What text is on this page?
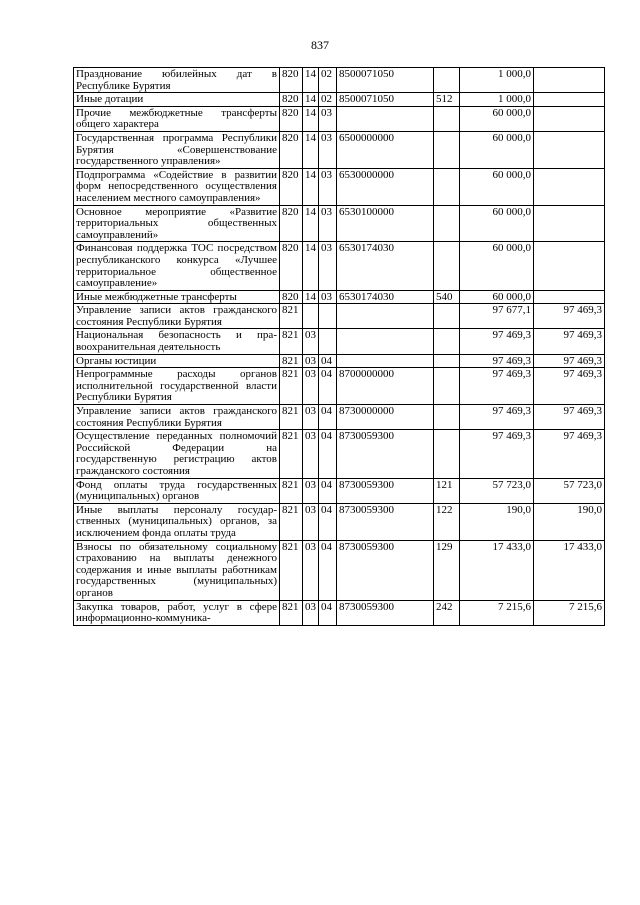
837
Празднование юбилейных дат в Республике Бурятия	820	14	02	8500071050		1 000,0	
Иные дотации	820	14	02	8500071050	512	1 000,0	
Прочие межбюджетные трансферты общего характера	820	14	03			60 000,0	
Государственная программа Республики Бурятия «Совершенствование государственного управления»	820	14	03	6500000000		60 000,0	
Подпрограмма «Содействие в развитии форм непосредственного осуществления населением местного самоуправления»	820	14	03	6530000000		60 000,0	
Основное мероприятие «Развитие территориальных общественных самоуправлений»	820	14	03	6530100000		60 000,0	
Финансовая поддержка ТОС посредством республиканского конкурса «Лучшее территориальное общественное самоуправление»	820	14	03	6530174030		60 000,0	
Иные межбюджетные трансферты	820	14	03	6530174030	540	60 000,0	
Управление записи актов гражданского состояния Республики Бурятия	821					97 677,1	97 469,3
Национальная безопасность и правоохранительная деятельность	821	03				97 469,3	97 469,3
Органы юстиции	821	03	04			97 469,3	97 469,3
Непрограммные расходы органов исполнительной государственной власти Республики Бурятия	821	03	04	8700000000		97 469,3	97 469,3
Управление записи актов гражданского состояния Республики Бурятия	821	03	04	8730000000		97 469,3	97 469,3
Осуществление переданных полномочий Российской Федерации на государственную регистрацию актов гражданского состояния	821	03	04	8730059300		97 469,3	97 469,3
Фонд оплаты труда государственных (муниципальных) органов	821	03	04	8730059300	121	57 723,0	57 723,0
Иные выплаты персоналу государственных (муниципальных) органов, за исключением фонда оплаты труда	821	03	04	8730059300	122	190,0	190,0
Взносы по обязательному социальному страхованию на выплаты денежного содержания и иные выплаты работникам государственных (муниципальных) органов	821	03	04	8730059300	129	17 433,0	17 433,0
Закупка товаров, работ, услуг в сфере информационно-коммуника-	821	03	04	8730059300	242	7 215,6	7 215,6
